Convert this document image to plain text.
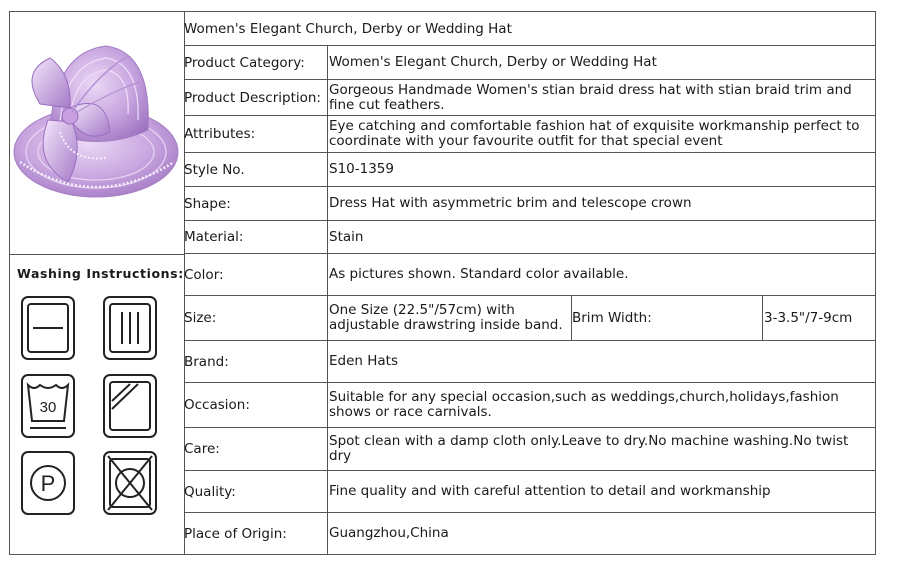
Washing Instructions:
30
P
Women's Elegant Church, Derby or Wedding Hat
Product Category:	Women's Elegant Church, Derby or Wedding Hat
Product Description: Gorgeous Handmade Women's stian braid dress hat with stian braid trim and fine cut feathers.
Attributes:	Eye catching and comfortable fashion hat of exquisite workmanship perfect to coordinate with your favourite outfit for that special event
Style No.	S10-1359
Shape:	Dress Hat with asymmetric brim and telescope crown
Material:	Stain
Color:	As pictures shown. Standard color available.
Size:	One Size (22.5"/57cm) with adjustable drawstring inside band. Brim Width:	3-3.5"/7-9cm
Brand:	Eden Hats
Occasion:	Suitable for any special occasion,such as weddings,church,holidays,fashion shows or race carnivals.
Care:	Spot clean with a damp cloth only.Leave to dry.No machine washing.No twist dry
Quality:	Fine quality and with careful attention to detail and workmanship
Place of Origin:	Guangzhou,China
